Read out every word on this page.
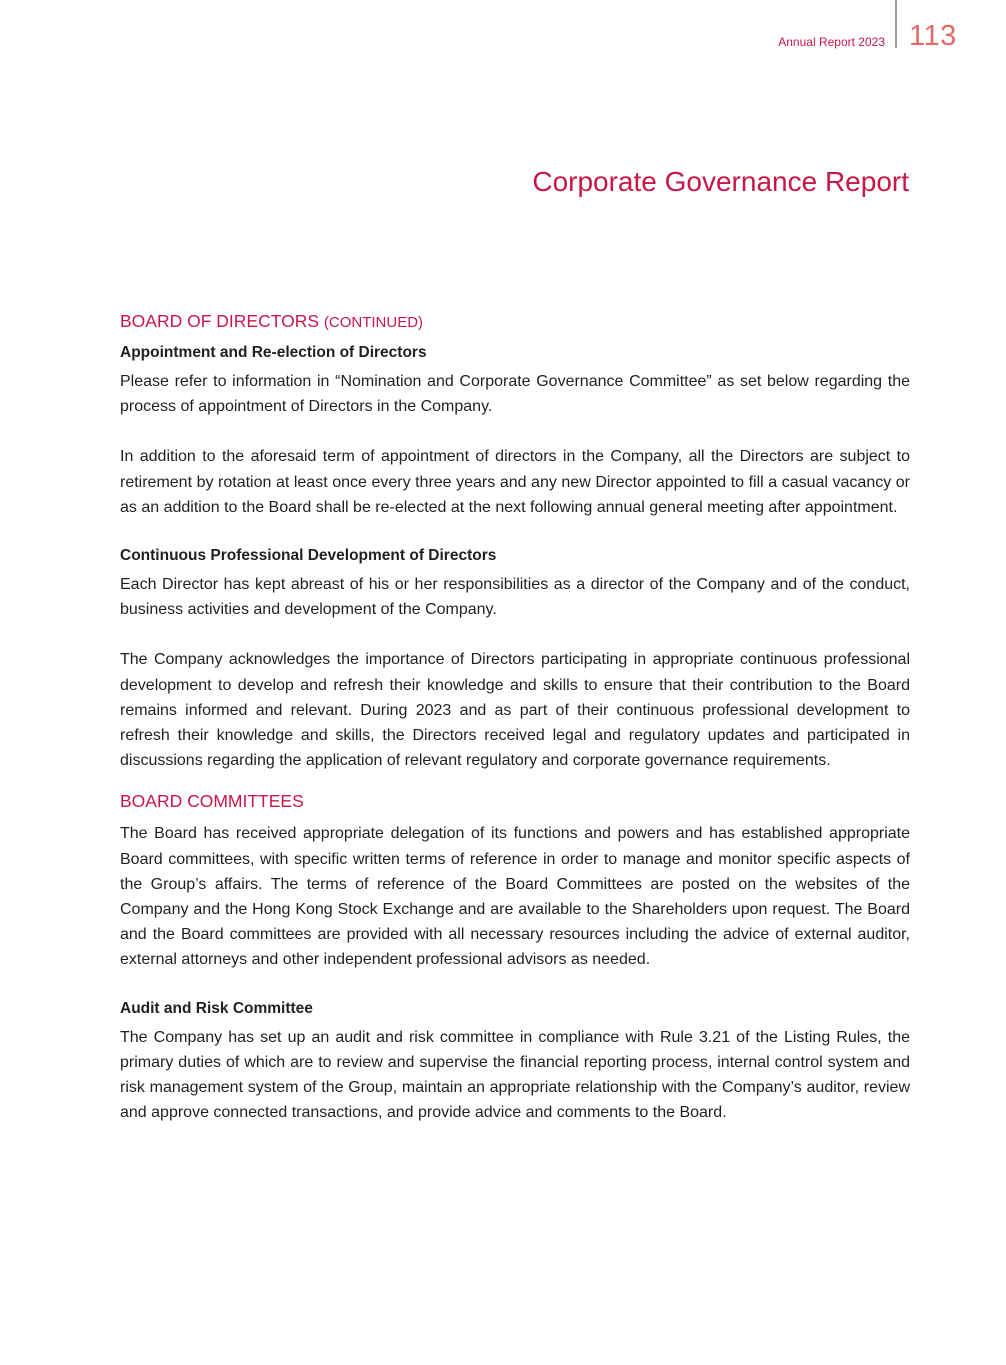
Annual Report 2023 113
Corporate Governance Report
BOARD OF DIRECTORS (CONTINUED)
Appointment and Re-election of Directors

Please refer to information in “Nomination and Corporate Governance Committee” as set below regarding the process of appointment of Directors in the Company.

In addition to the aforesaid term of appointment of directors in the Company, all the Directors are subject to retirement by rotation at least once every three years and any new Director appointed to fill a casual vacancy or as an addition to the Board shall be re-elected at the next following annual general meeting after appointment.

Continuous Professional Development of Directors

Each Director has kept abreast of his or her responsibilities as a director of the Company and of the conduct, business activities and development of the Company.

The Company acknowledges the importance of Directors participating in appropriate continuous professional development to develop and refresh their knowledge and skills to ensure that their contribution to the Board remains informed and relevant. During 2023 and as part of their continuous professional development to refresh their knowledge and skills, the Directors received legal and regulatory updates and participated in discussions regarding the application of relevant regulatory and corporate governance requirements.

BOARD COMMITTEES

The Board has received appropriate delegation of its functions and powers and has established appropriate Board committees, with specific written terms of reference in order to manage and monitor specific aspects of the Group’s affairs. The terms of reference of the Board Committees are posted on the websites of the Company and the Hong Kong Stock Exchange and are available to the Shareholders upon request. The Board and the Board committees are provided with all necessary resources including the advice of external auditor, external attorneys and other independent professional advisors as needed.

Audit and Risk Committee

The Company has set up an audit and risk committee in compliance with Rule 3.21 of the Listing Rules, the primary duties of which are to review and supervise the financial reporting process, internal control system and risk management system of the Group, maintain an appropriate relationship with the Company’s auditor, review and approve connected transactions, and provide advice and comments to the Board.
